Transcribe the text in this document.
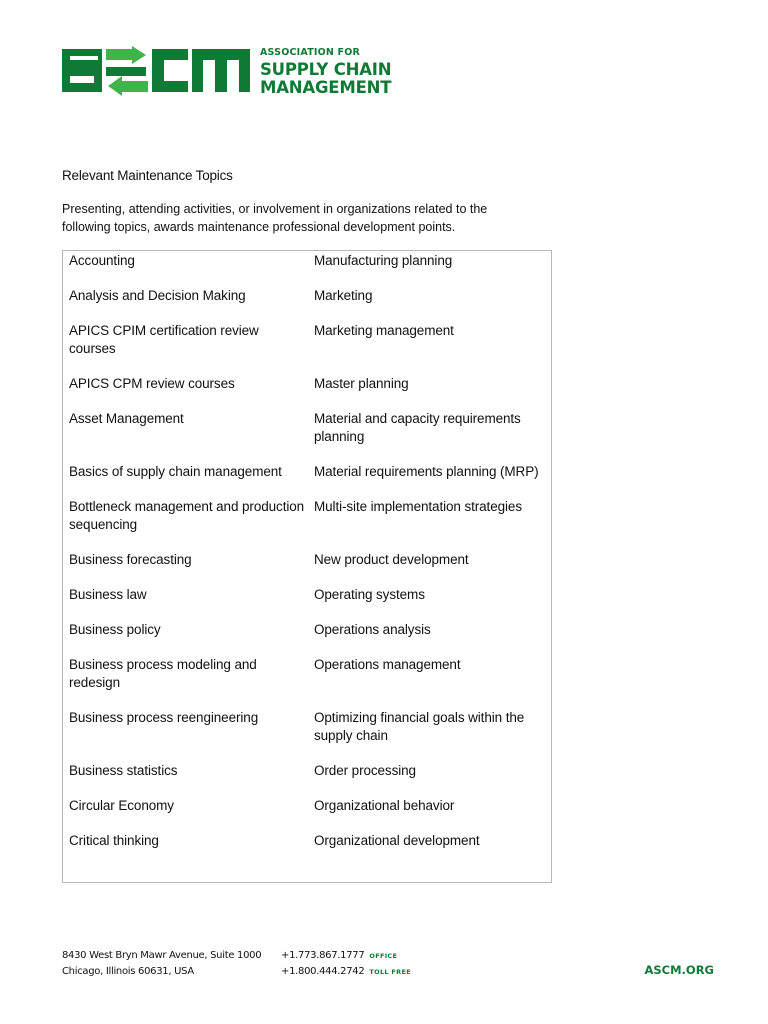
ASSOCIATION FOR
SUPPLY CHAIN
MANAGEMENT
Relevant Maintenance Topics

Presenting, attending activities, or involvement in organizations related to the following topics, awards maintenance professional development points.

Accounting	Manufacturing planning
Analysis and Decision Making	Marketing
APICS CPIM certification review courses	Marketing management
APICS CPM review courses	Master planning
Asset Management	Material and capacity requirements planning
Basics of supply chain management	Material requirements planning (MRP)
Bottleneck management and production sequencing	Multi-site implementation strategies
Business forecasting	New product development
Business law	Operating systems
Business policy	Operations analysis
Business process modeling and redesign	Operations management
Business process reengineering	Optimizing financial goals within the supply chain
Business statistics	Order processing
Circular Economy	Organizational behavior
Critical thinking	Organizational development
8430 West Bryn Mawr Avenue, Suite 1000
Chicago, Illinois 60631, USA
+1.773.867.1777 OFFICE
+1.800.444.2742 TOLL FREE	ASCM.ORG
